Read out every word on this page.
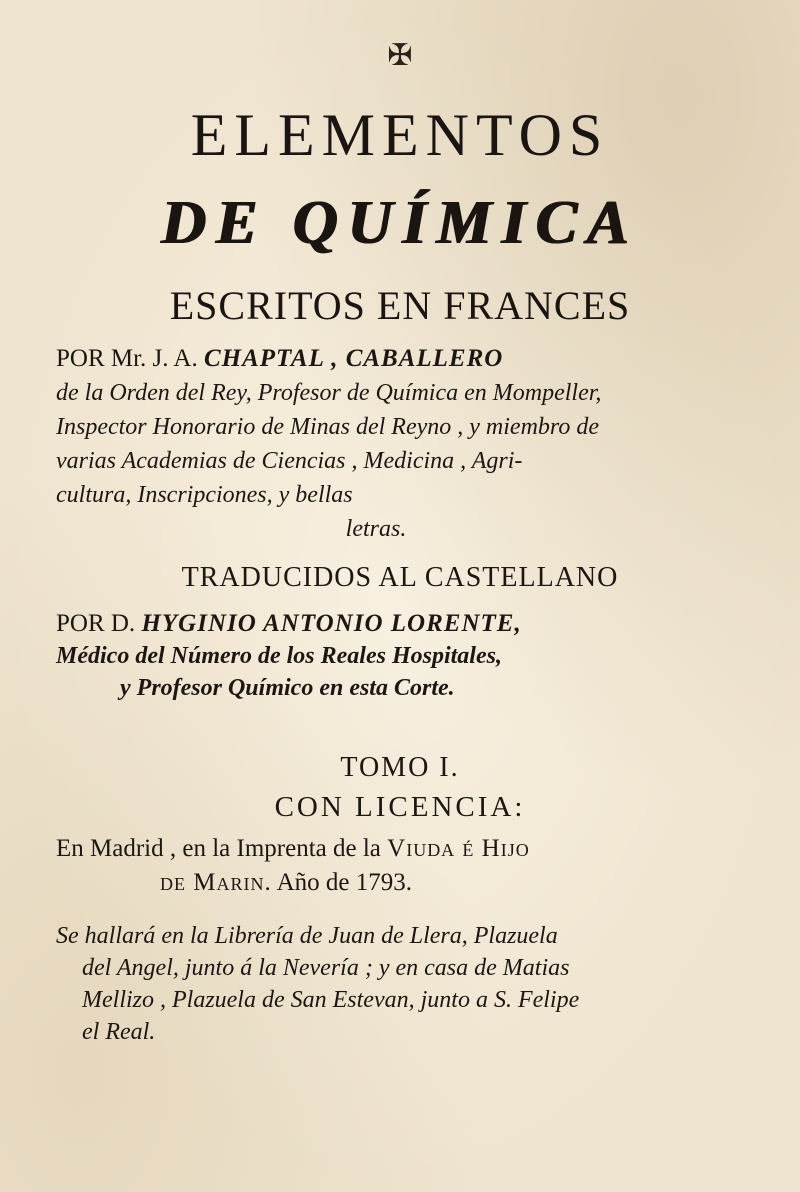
✠
ELEMENTOS
DE QUÍMICA
ESCRITOS EN FRANCES
POR Mr. J. A. CHAPTAL , CABALLERO
de la Orden del Rey, Profesor de Química en Mompeller,
Inspector Honorario de Minas del Reyno , y miembro de
varias Academias de Ciencias , Medicina , Agri-
cultura, Inscripciones, y bellas
letras.
TRADUCIDOS AL CASTELLANO
POR D. HYGINIO ANTONIO LORENTE,
Médico del Número de los Reales Hospitales,
y Profesor Químico en esta Corte.
TOMO I.
CON LICENCIA:
En Madrid , en la Imprenta de la Viuda é Hijo
de Marin. Año de 1793.
Se hallará en la Librería de Juan de Llera, Plazuela
del Angel, junto á la Nevería ; y en casa de Matias
Mellizo , Plazuela de San Estevan, junto a S. Felipe
el Real.
